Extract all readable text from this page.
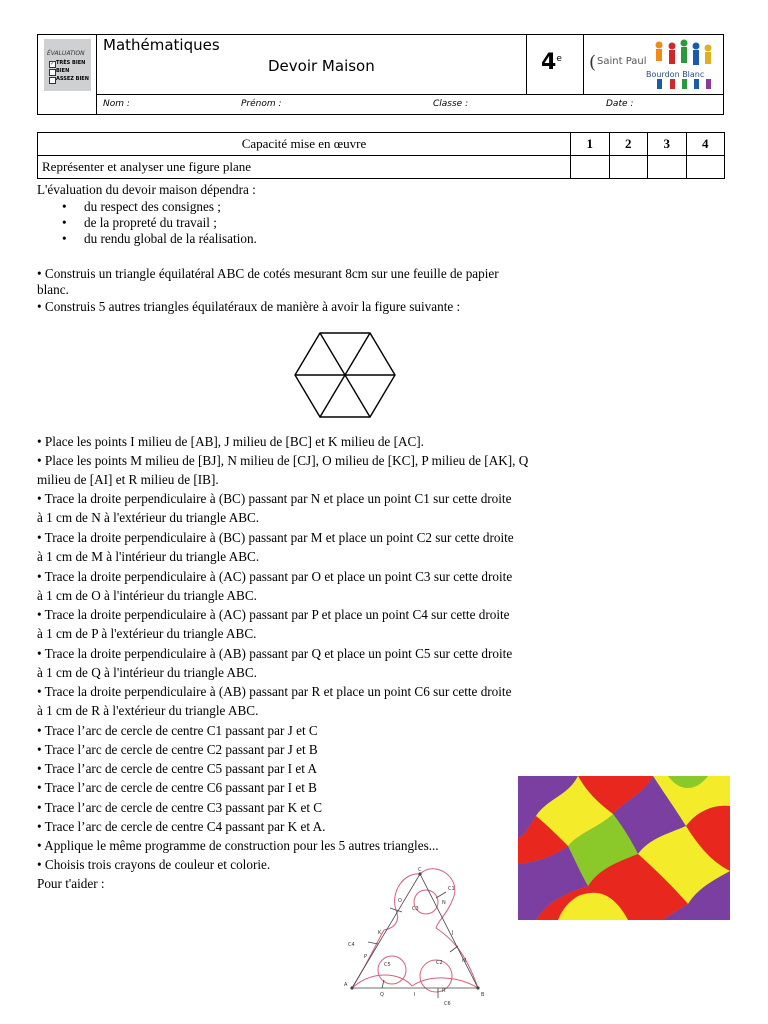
ÉVALUATION
✓ TRÈS BIEN
BIEN
ASSEZ BIEN
Mathématiques
Devoir Maison	4e ( Saint Paul
Bourdon Blanc
Nom :	Prénom :	Classe :	Date :
Capacité mise en œuvre	1	2	3	4
Représenter et analyser une figure plane				
L'évaluation du devoir maison dépendra :
• du respect des consignes ;
• de la propreté du travail ;
• du rendu global de la réalisation.
• Construis un triangle équilatéral ABC de cotés mesurant 8cm sur une feuille de papier
blanc.
• Construis 5 autres triangles équilatéraux de manière à avoir la figure suivante :
• Place les points I milieu de [AB], J milieu de [BC] et K milieu de [AC].
• Place les points M milieu de [BJ], N milieu de [CJ], O milieu de [KC], P milieu de [AK], Q
milieu de [AI] et R milieu de [IB].
• Trace la droite perpendiculaire à (BC) passant par N et place un point C1 sur cette droite
à 1 cm de N à l'extérieur du triangle ABC.
• Trace la droite perpendiculaire à (BC) passant par M et place un point C2 sur cette droite
à 1 cm de M à l'intérieur du triangle ABC.
• Trace la droite perpendiculaire à (AC) passant par O et place un point C3 sur cette droite
à 1 cm de O à l'intérieur du triangle ABC.
• Trace la droite perpendiculaire à (AC) passant par P et place un point C4 sur cette droite
à 1 cm de P à l'extérieur du triangle ABC.
• Trace la droite perpendiculaire à (AB) passant par Q et place un point C5 sur cette droite
à 1 cm de Q à l'intérieur du triangle ABC.
• Trace la droite perpendiculaire à (AB) passant par R et place un point C6 sur cette droite
à 1 cm de R à l'extérieur du triangle ABC.
• Trace l’arc de cercle de centre C1 passant par J et C
• Trace l’arc de cercle de centre C2 passant par J et B
• Trace l’arc de cercle de centre C5 passant par I et A
• Trace l’arc de cercle de centre C6 passant par I et B
• Trace l’arc de cercle de centre C3 passant par K et C
• Trace l’arc de cercle de centre C4 passant par K et A.
• Applique le même programme de construction pour les 5 autres triangles...
• Choisis trois crayons de couleur et colorie.
Pour t'aider :
C
A
B
J
K
I
N
M
O
P
Q
R
C1
C2
C3
C4
C5
C6
